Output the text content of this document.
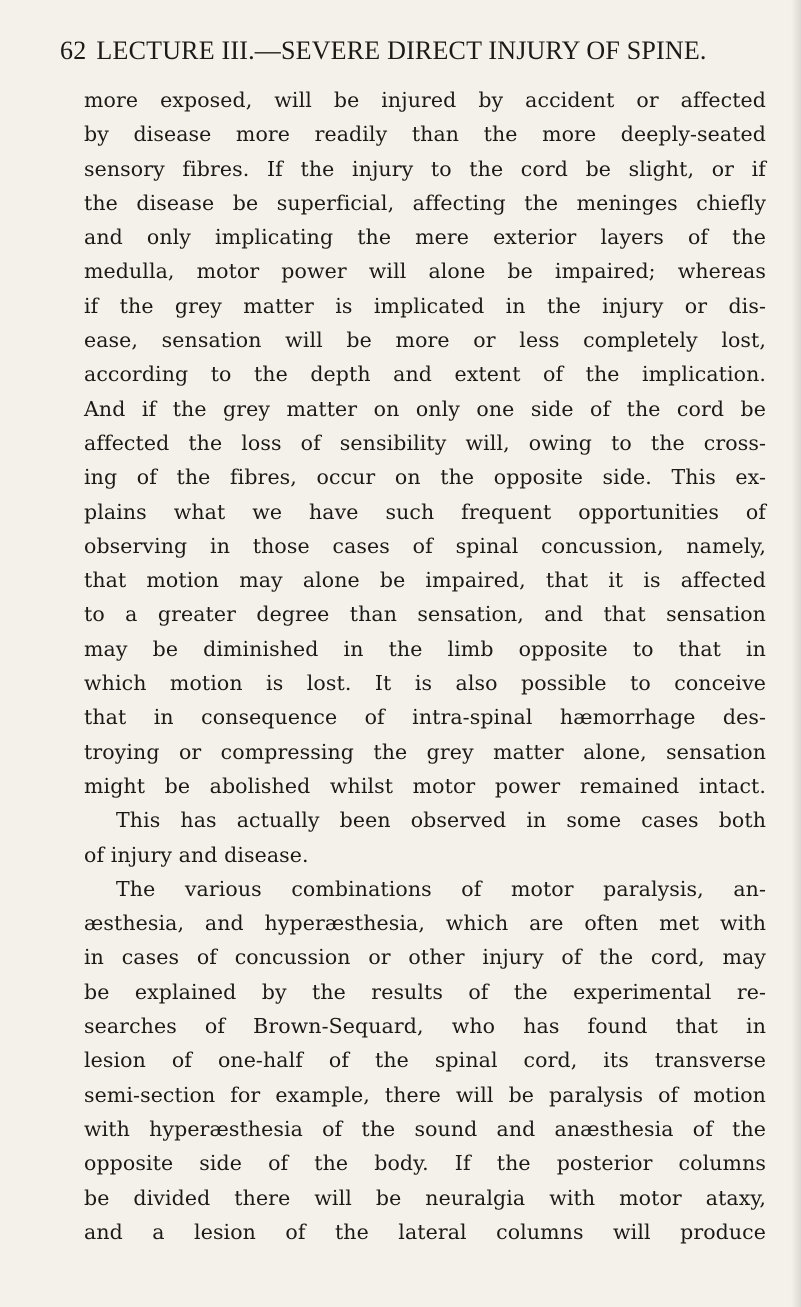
62 LECTURE III.—SEVERE DIRECT INJURY OF SPINE.
more exposed, will be injured by accident or affected
by disease more readily than the more deeply-seated
sensory fibres. If the injury to the cord be slight, or if
the disease be superficial, affecting the meninges chiefly
and only implicating the mere exterior layers of the
medulla, motor power will alone be impaired; whereas
if the grey matter is implicated in the injury or dis-
ease, sensation will be more or less completely lost,
according to the depth and extent of the implication.
And if the grey matter on only one side of the cord be
affected the loss of sensibility will, owing to the cross-
ing of the fibres, occur on the opposite side. This ex-
plains what we have such frequent opportunities of
observing in those cases of spinal concussion, namely,
that motion may alone be impaired, that it is affected
to a greater degree than sensation, and that sensation
may be diminished in the limb opposite to that in
which motion is lost. It is also possible to conceive
that in consequence of intra-spinal hæmorrhage des-
troying or compressing the grey matter alone, sensation
might be abolished whilst motor power remained intact.
This has actually been observed in some cases both
of injury and disease.
The various combinations of motor paralysis, an-
æsthesia, and hyperæsthesia, which are often met with
in cases of concussion or other injury of the cord, may
be explained by the results of the experimental re-
searches of Brown-Sequard, who has found that in
lesion of one-half of the spinal cord, its transverse
semi-section for example, there will be paralysis of motion
with hyperæsthesia of the sound and anæsthesia of the
opposite side of the body. If the posterior columns
be divided there will be neuralgia with motor ataxy,
and a lesion of the lateral columns will produce
